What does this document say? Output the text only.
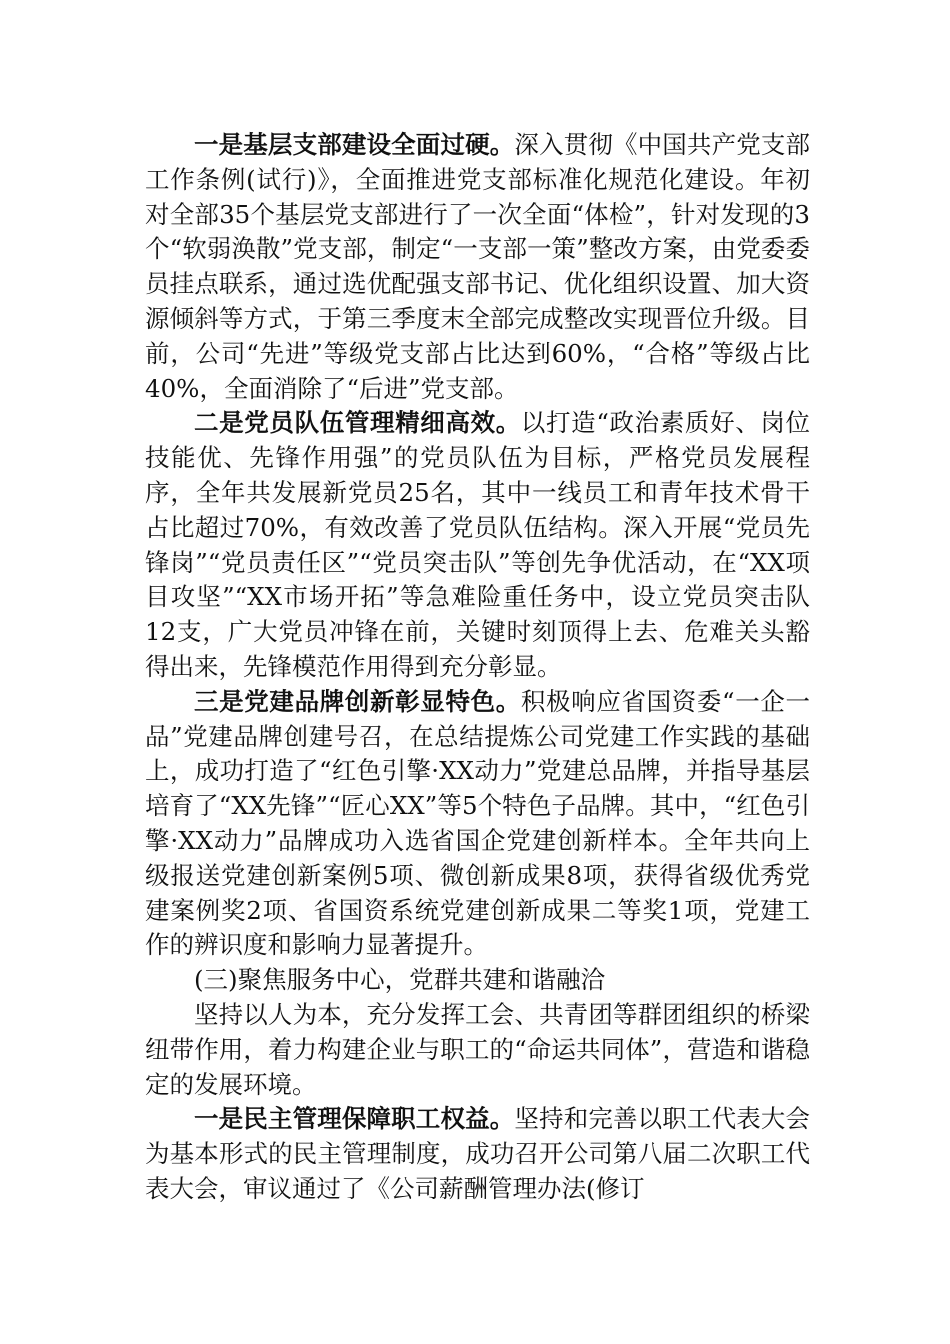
一是基层支部建设全面过硬。深入贯彻《中国共产党支部工作条例(试行)》，全面推进党支部标准化规范化建设。年初对全部35个基层党支部进行了一次全面“体检”，针对发现的3个“软弱涣散”党支部，制定“一支部一策”整改方案，由党委委员挂点联系，通过选优配强支部书记、优化组织设置、加大资源倾斜等方式，于第三季度末全部完成整改实现晋位升级。目前，公司“先进”等级党支部占比达到60%，“合格”等级占比40%，全面消除了“后进”党支部。

二是党员队伍管理精细高效。以打造“政治素质好、岗位技能优、先锋作用强”的党员队伍为目标，严格党员发展程序，全年共发展新党员25名，其中一线员工和青年技术骨干占比超过70%，有效改善了党员队伍结构。深入开展“党员先锋岗”“党员责任区”“党员突击队”等创先争优活动，在“XX项目攻坚”“XX市场开拓”等急难险重任务中，设立党员突击队12支，广大党员冲锋在前，关键时刻顶得上去、危难关头豁得出来，先锋模范作用得到充分彰显。

三是党建品牌创新彰显特色。积极响应省国资委“一企一品”党建品牌创建号召，在总结提炼公司党建工作实践的基础上，成功打造了“红色引擎·XX动力”党建总品牌，并指导基层培育了“XX先锋”“匠心XX”等5个特色子品牌。其中，“红色引擎·XX动力”品牌成功入选省国企党建创新样本。全年共向上级报送党建创新案例5项、微创新成果8项，获得省级优秀党建案例奖2项、省国资系统党建创新成果二等奖1项，党建工作的辨识度和影响力显著提升。

(三)聚焦服务中心，党群共建和谐融洽

坚持以人为本，充分发挥工会、共青团等群团组织的桥梁纽带作用，着力构建企业与职工的“命运共同体”，营造和谐稳定的发展环境。

一是民主管理保障职工权益。坚持和完善以职工代表大会为基本形式的民主管理制度，成功召开公司第八届二次职工代表大会，审议通过了《公司薪酬管理办法(修订
